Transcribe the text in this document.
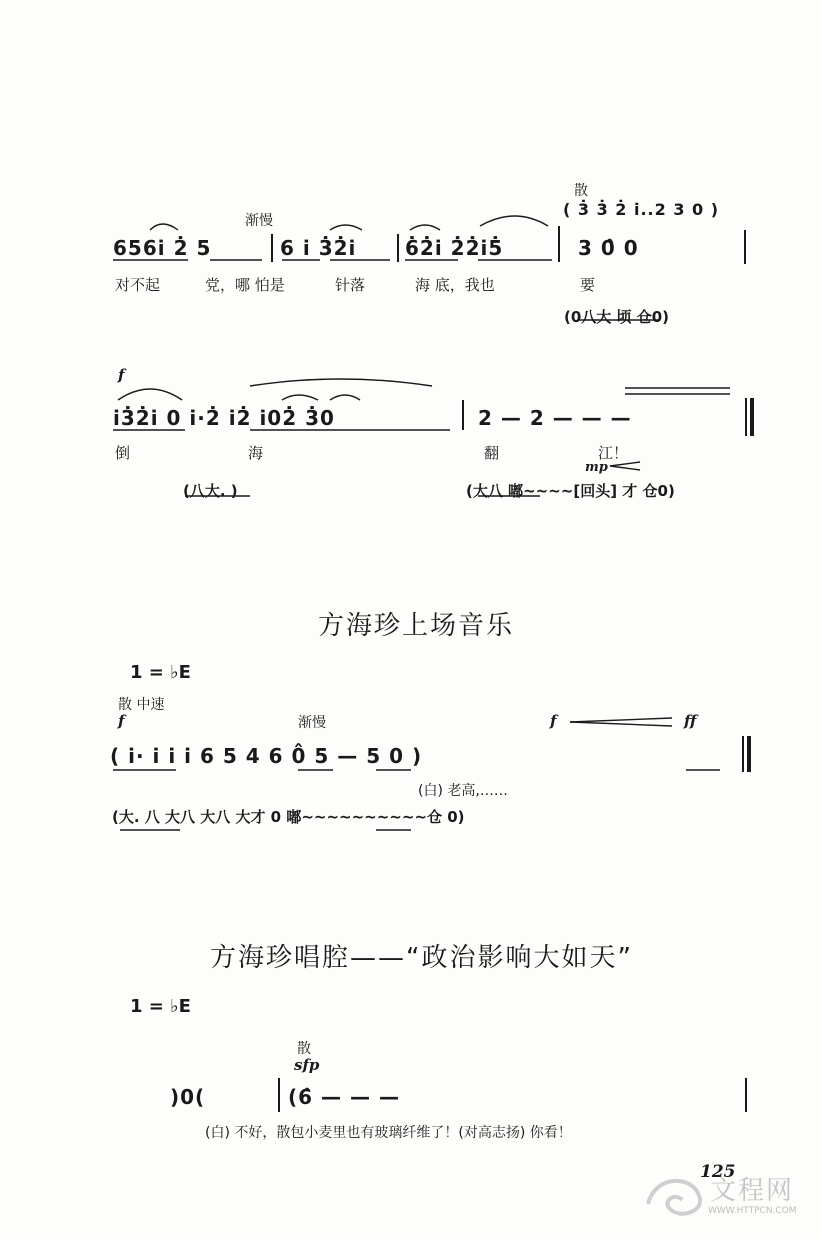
散
渐慢
( 3̇ 3̇ 2̇ i̇..2 3 0 )
656i̇ 2̇ 5	6 i̇ 3̇2̇i̇ 6̇2̇i̇ 2̇2̇i̇5̇	3 0̂ 0
对不起	党，哪 怕是	针落	海 底，我也	要
(0八大 顷 仓0)
f
i̇3̇2̇i̇ 0 i̇·2̇ i̇2̇ i̇02̇ 3̇0	2 — 2 — — —
倒	海	翻	江！
mp
(八大. )	(大八 嘟~~~~[回头] 才 仓0)
方海珍上场音乐
1 = ♭E
散 中速
f	渐慢	f	ff
( i̇· i̇ i̇ i̇ 6 5 4 6 0̂ 5 — 5 0 )
(白) 老高,……
(大. 八 大八 大八 大才 0 嘟~~~~~~~~~~仓 0)
方海珍唱腔——“政治影响大如天”
1 = ♭E
散
sfp
)0(	(6̂ — — —
(白) 不好，散包小麦里也有玻璃纤维了！(对高志扬) 你看！
125
文程网
WWW.HTTPCN.COM
